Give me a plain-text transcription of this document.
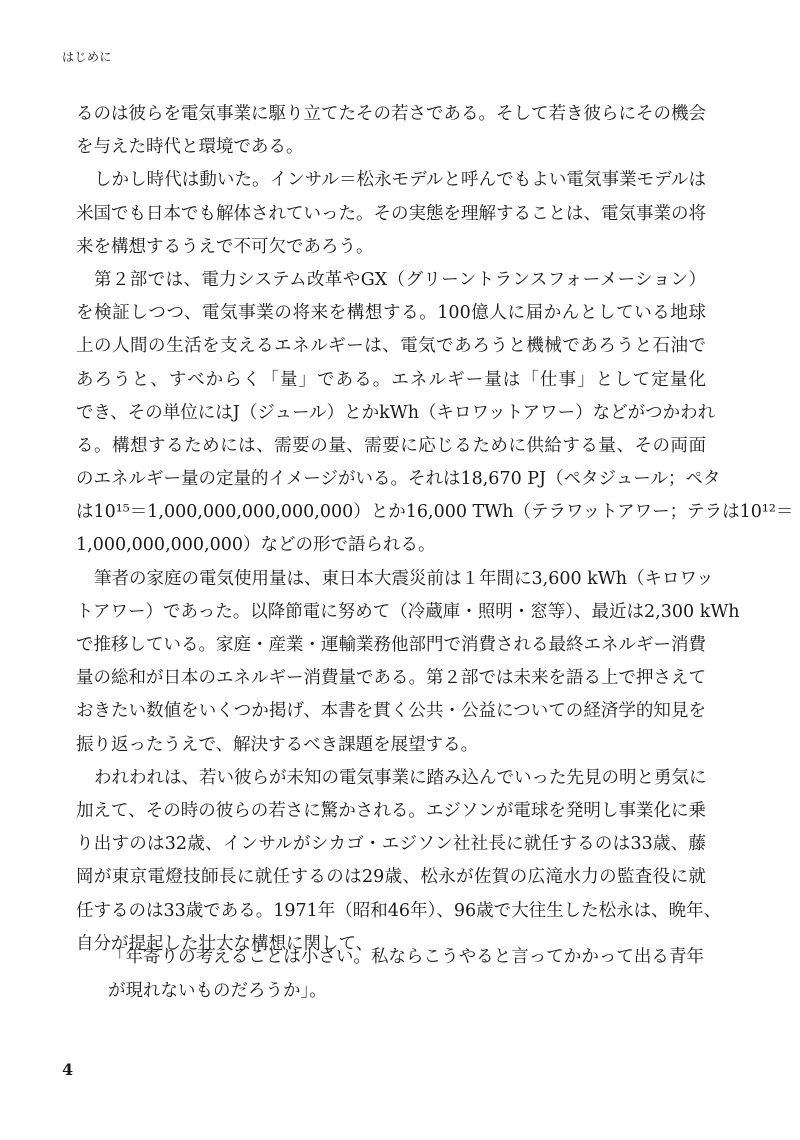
はじめに
るのは彼らを電気事業に駆り立てたその若さである。そして若き彼らにその機会
を与えた時代と環境である。
しかし時代は動いた。インサル＝松永モデルと呼んでもよい電気事業モデルは
米国でも日本でも解体されていった。その実態を理解することは、電気事業の将
来を構想するうえで不可欠であろう。
第２部では、電力システム改革やGX（グリーントランスフォーメーション）
を検証しつつ、電気事業の将来を構想する。100億人に届かんとしている地球
上の人間の生活を支えるエネルギーは、電気であろうと機械であろうと石油で
あろうと、すべからく「量」である。エネルギー量は「仕事」として定量化
でき、その単位にはJ（ジュール）とかkWh（キロワットアワー）などがつかわれ
る。構想するためには、需要の量、需要に応じるために供給する量、その両面
のエネルギー量の定量的イメージがいる。それは18,670 PJ（ペタジュール；ペタ
は10¹⁵＝1,000,000,000,000,000）とか16,000 TWh（テラワットアワー；テラは10¹²＝
1,000,000,000,000）などの形で語られる。
筆者の家庭の電気使用量は、東日本大震災前は１年間に3,600 kWh（キロワッ
トアワー）であった。以降節電に努めて（冷蔵庫・照明・窓等）、最近は2,300 kWh
で推移している。家庭・産業・運輸業務他部門で消費される最終エネルギー消費
量の総和が日本のエネルギー消費量である。第２部では未来を語る上で押さえて
おきたい数値をいくつか掲げ、本書を貫く公共・公益についての経済学的知見を
振り返ったうえで、解決するべき課題を展望する。
われわれは、若い彼らが未知の電気事業に踏み込んでいった先見の明と勇気に
加えて、その時の彼らの若さに驚かされる。エジソンが電球を発明し事業化に乗
り出すのは32歳、インサルがシカゴ・エジソン社社長に就任するのは33歳、藤
岡が東京電燈技師長に就任するのは29歳、松永が佐賀の広滝水力の監査役に就
任するのは33歳である。1971年（昭和46年）、96歳で大往生した松永は、晩年、
自分が提起した壮大な構想に関して、
「年寄りの考えることは小さい。私ならこうやると言ってかかって出る青年
が現れないものだろうか」。
4
